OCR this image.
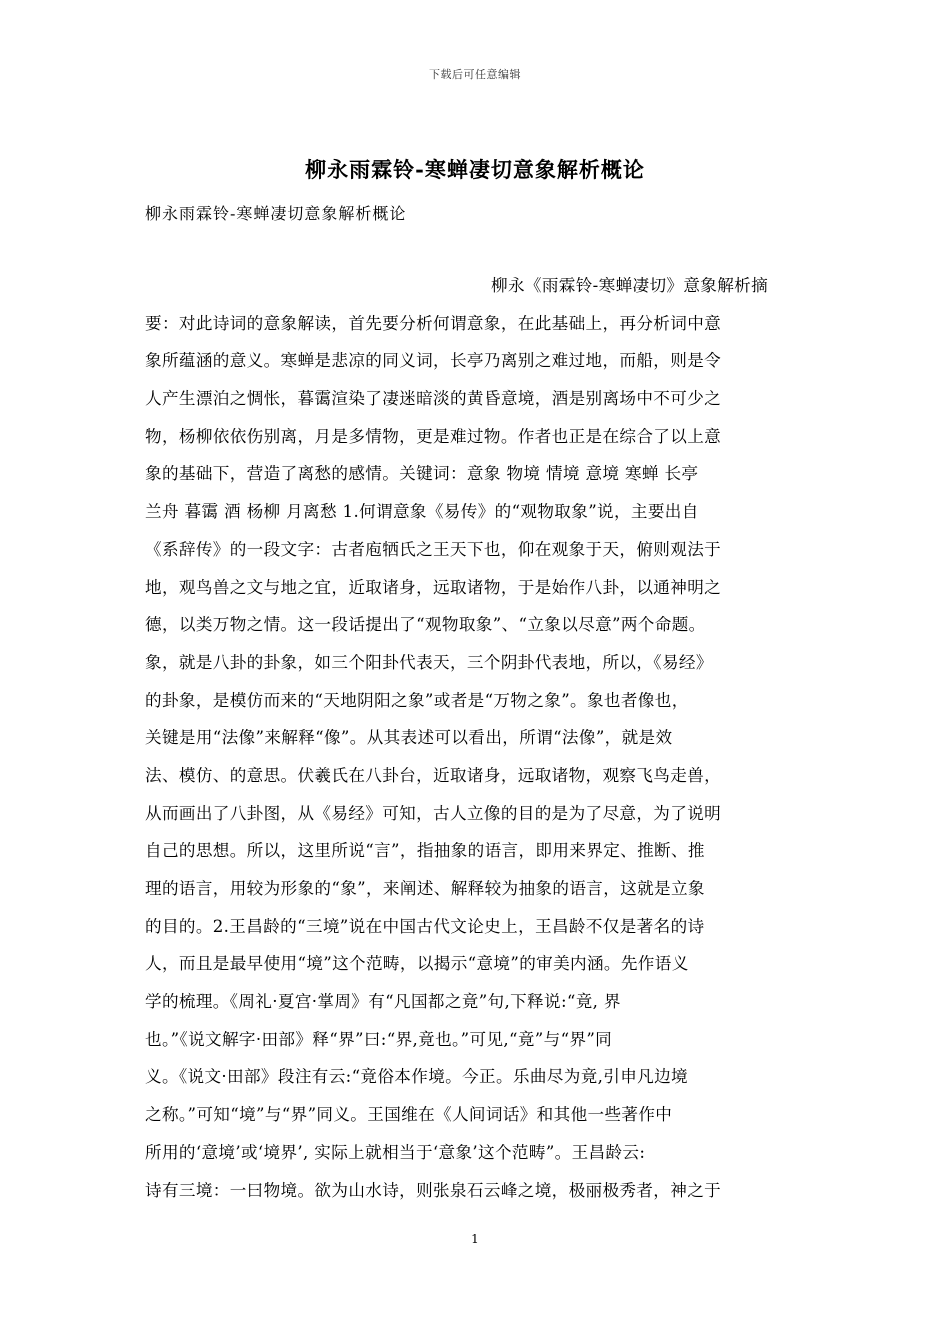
下载后可任意编辑
柳永雨霖铃-寒蝉凄切意象解析概论
柳永雨霖铃-寒蝉凄切意象解析概论
柳永《雨霖铃-寒蝉凄切》意象解析摘
要：对此诗词的意象解读，首先要分析何谓意象，在此基础上，再分析词中意
象所蕴涵的意义。寒蝉是悲凉的同义词，长亭乃离别之难过地，而船，则是令
人产生漂泊之惆怅，暮霭渲染了凄迷暗淡的黄昏意境，酒是别离场中不可少之
物，杨柳依依伤别离，月是多情物，更是难过物。作者也正是在综合了以上意
象的基础下，营造了离愁的感情。关键词：意象 物境 情境 意境 寒蝉 长亭
兰舟 暮霭 酒 杨柳 月离愁 1.何谓意象《易传》的“观物取象”说，主要出自
《系辞传》的一段文字：古者庖牺氏之王天下也，仰在观象于天，俯则观法于
地，观鸟兽之文与地之宜，近取诸身，远取诸物，于是始作八卦，以通神明之
德，以类万物之情。这一段话提出了“观物取象”、“立象以尽意”两个命题。
象，就是八卦的卦象，如三个阳卦代表天，三个阴卦代表地，所以，《易经》
的卦象，是模仿而来的“天地阴阳之象”或者是“万物之象”。象也者像也，
关键是用“法像”来解释“像”。从其表述可以看出，所谓“法像”，就是效
法、模仿、的意思。伏羲氏在八卦台，近取诸身，远取诸物，观察飞鸟走兽，
从而画出了八卦图，从《易经》可知，古人立像的目的是为了尽意，为了说明
自己的思想。所以，这里所说“言”，指抽象的语言，即用来界定、推断、推
理的语言，用较为形象的“象”，来阐述、解释较为抽象的语言，这就是立象
的目的。2.王昌龄的“三境”说在中国古代文论史上，王昌龄不仅是著名的诗
人，而且是最早使用“境”这个范畴，以揭示“意境”的审美内涵。先作语义
学的梳理。《周礼·夏宫·掌周》有“凡国都之竟”句,下释说:“竟, 界
也。”《说文解字·田部》释“界”曰:“界,竟也。”可见,“竟”与“界”同
义。《说文·田部》段注有云:“竟俗本作境。今正。乐曲尽为竟,引申凡边境
之称。”可知“境”与“界”同义。王国维在《人间词话》和其他一些著作中
所用的‘意境’或‘境界’, 实际上就相当于‘意象’这个范畴”。王昌龄云:
诗有三境：一曰物境。欲为山水诗，则张泉石云峰之境，极丽极秀者，神之于
1
